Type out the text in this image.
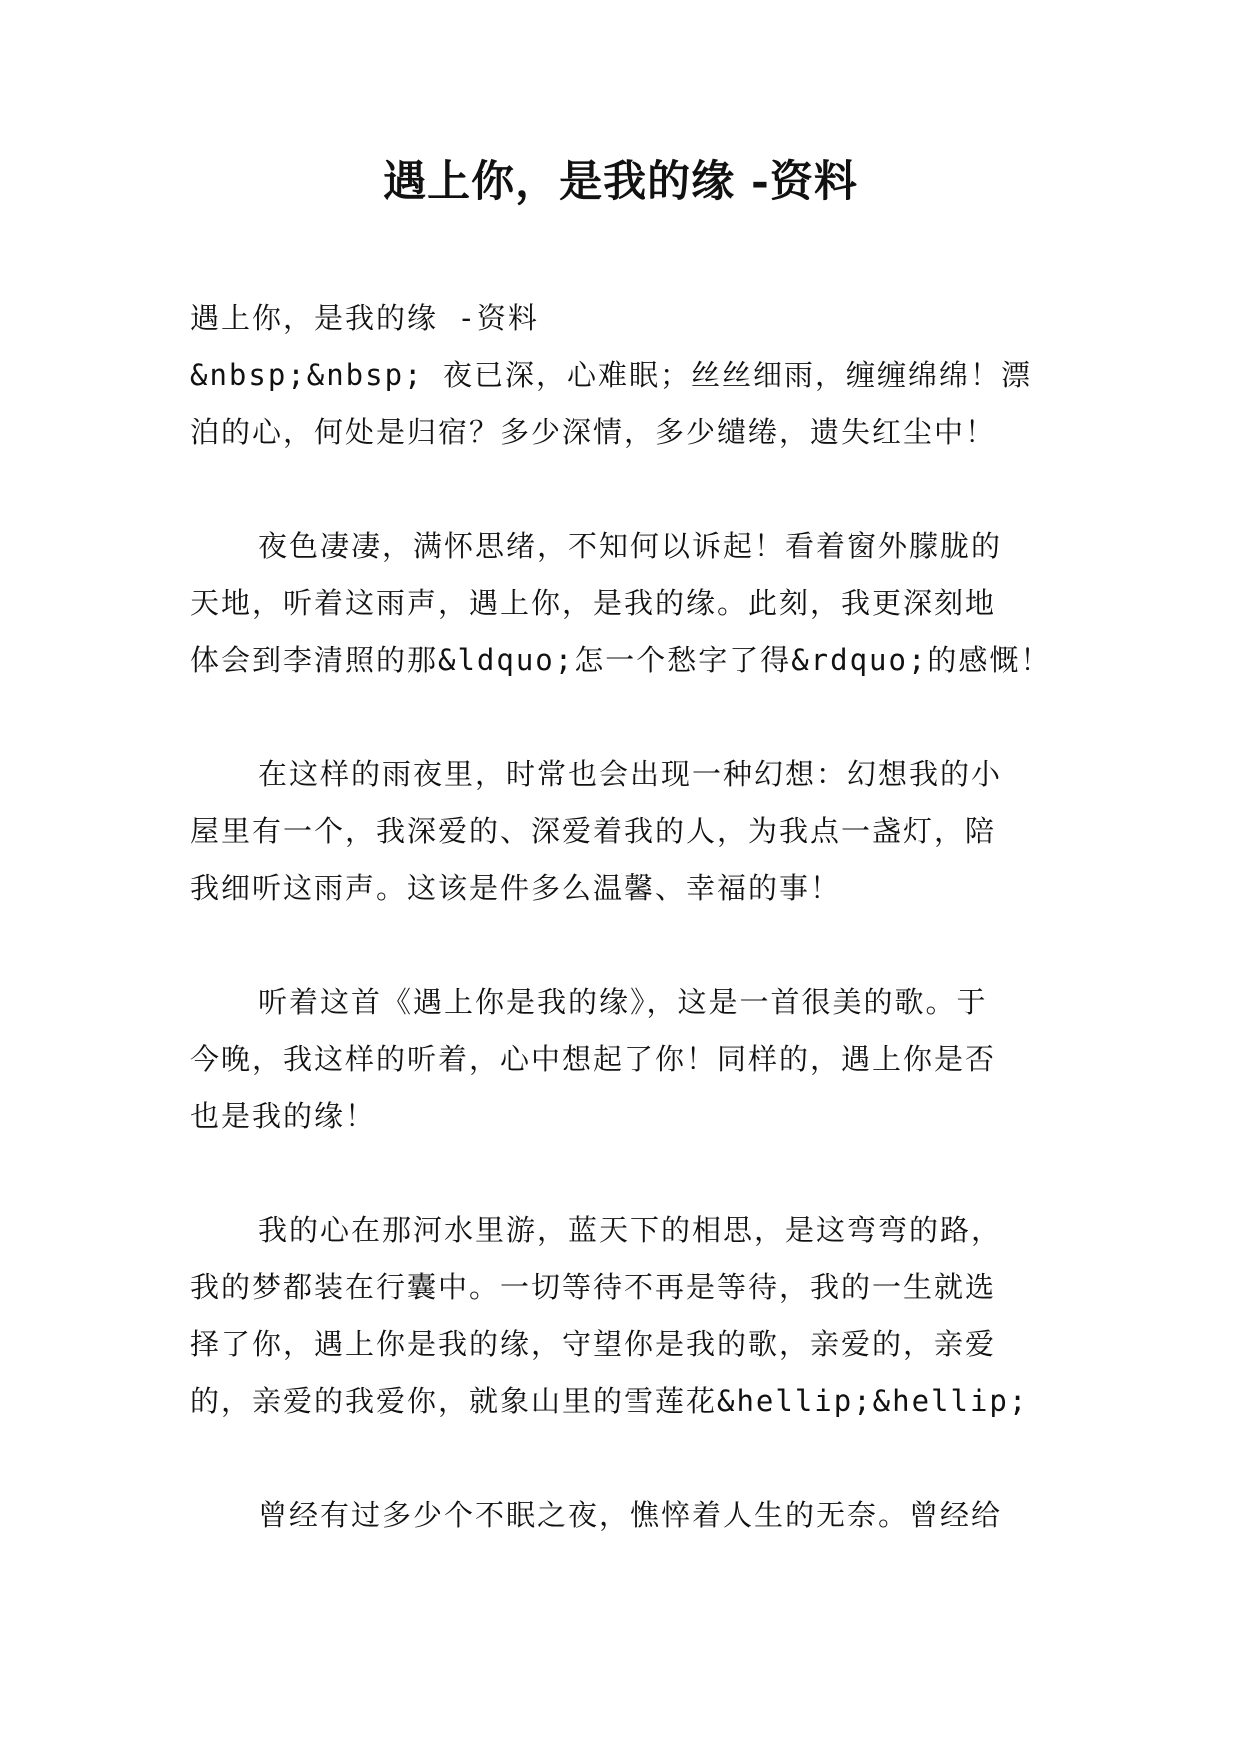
遇上你，是我的缘 -资料

遇上你，是我的缘 -资料

&nbsp;&nbsp; 夜已深，心难眠；丝丝细雨，缠缠绵绵！漂

泊的心，何处是归宿？多少深情，多少缱绻，遗失红尘中！

夜色凄凄，满怀思绪，不知何以诉起！看着窗外朦胧的

天地，听着这雨声，遇上你，是我的缘。此刻，我更深刻地

体会到李清照的那&ldquo;怎一个愁字了得&rdquo;的感慨！

在这样的雨夜里，时常也会出现一种幻想：幻想我的小

屋里有一个，我深爱的、深爱着我的人，为我点一盏灯，陪

我细听这雨声。这该是件多么温馨、幸福的事！

听着这首《遇上你是我的缘》，这是一首很美的歌。于

今晚，我这样的听着，心中想起了你！同样的，遇上你是否

也是我的缘！

我的心在那河水里游，蓝天下的相思，是这弯弯的路，

我的梦都装在行囊中。一切等待不再是等待，我的一生就选

择了你，遇上你是我的缘，守望你是我的歌，亲爱的，亲爱

的，亲爱的我爱你，就象山里的雪莲花&hellip;&hellip;

曾经有过多少个不眠之夜，憔悴着人生的无奈。曾经给
